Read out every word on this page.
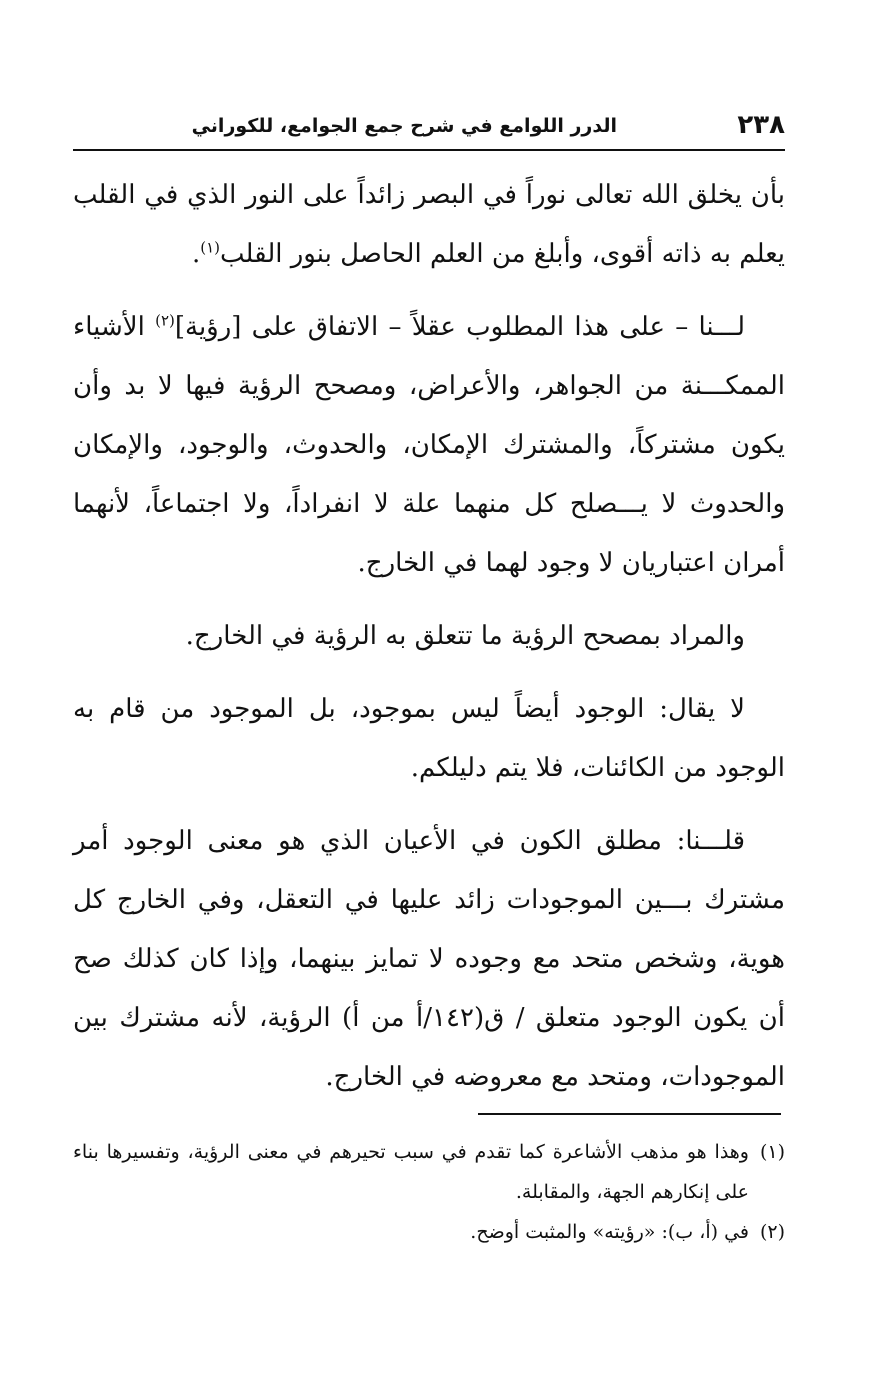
٢٣٨
الدرر اللوامع في شرح جمع الجوامع، للكوراني

بأن يخلق الله تعالى نوراً في البصر زائداً على النور الذي في القلب يعلم به ذاته أقوى، وأبلغ من العلم الحاصل بنور القلب$^{(١)}$.

لـــنا – على هذا المطلوب عقلاً – الاتفاق على [رؤية]$^{(٢)}$ الأشياء الممكـــنة من الجواهر، والأعراض، ومصحح الرؤية فيها لا بد وأن يكون مشتركاً، والمشترك الإمكان، والحدوث، والوجود، والإمكان والحدوث لا يـــصلح كل منهما علة لا انفراداً، ولا اجتماعاً، لأنهما أمران اعتباريان لا وجود لهما في الخارج.

والمراد بمصحح الرؤية ما تتعلق به الرؤية في الخارج.

لا يقال: الوجود أيضاً ليس بموجود، بل الموجود من قام به الوجود من الكائنات، فلا يتم دليلكم.

قلـــنا: مطلق الكون في الأعيان الذي هو معنى الوجود أمر مشترك بـــين الموجودات زائد عليها في التعقل، وفي الخارج كل هوية، وشخص متحد مع وجوده لا تمايز بينهما، وإذا كان كذلك صح أن يكون الوجود متعلق / ق(١٤٢/أ من أ) الرؤية، لأنه مشترك بين الموجودات، ومتحد مع معروضه في الخارج.

(١)وهذا هو مذهب الأشاعرة كما تقدم في سبب تحيرهم في معنى الرؤية، وتفسيرها بناء على إنكارهم الجهة، والمقابلة.

(٢)في (أ، ب): «رؤيته» والمثبت أوضح.
